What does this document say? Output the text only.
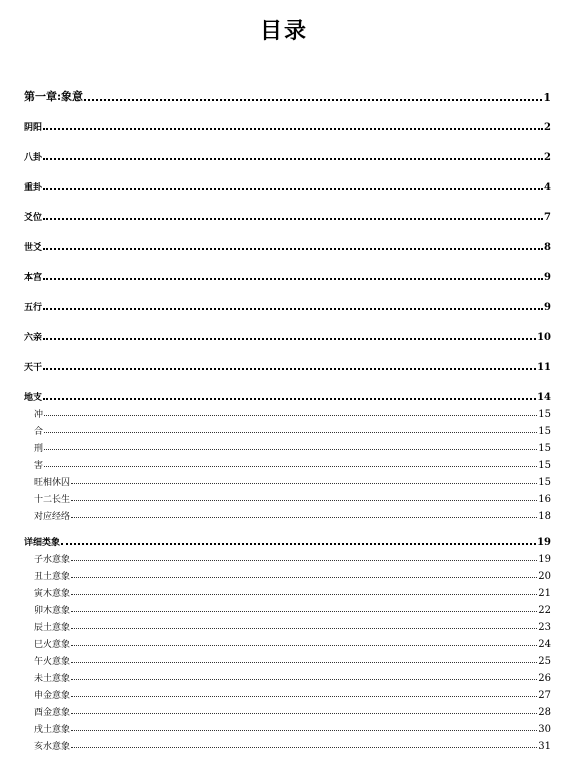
目录
第一章:象意	1
阴阳	2
八卦	2
重卦	4
爻位	7
世爻	8
本宫	9
五行	9
六亲	10
天干	11
地支	14
冲	15
合	15
刑	15
害	15
旺相休囚	15
十二长生	16
对应经络	18
详细类象	19
子水意象	19
丑土意象	20
寅木意象	21
卯木意象	22
辰土意象	23
巳火意象	24
午火意象	25
未土意象	26
申金意象	27
酉金意象	28
戌土意象	30
亥水意象	31
